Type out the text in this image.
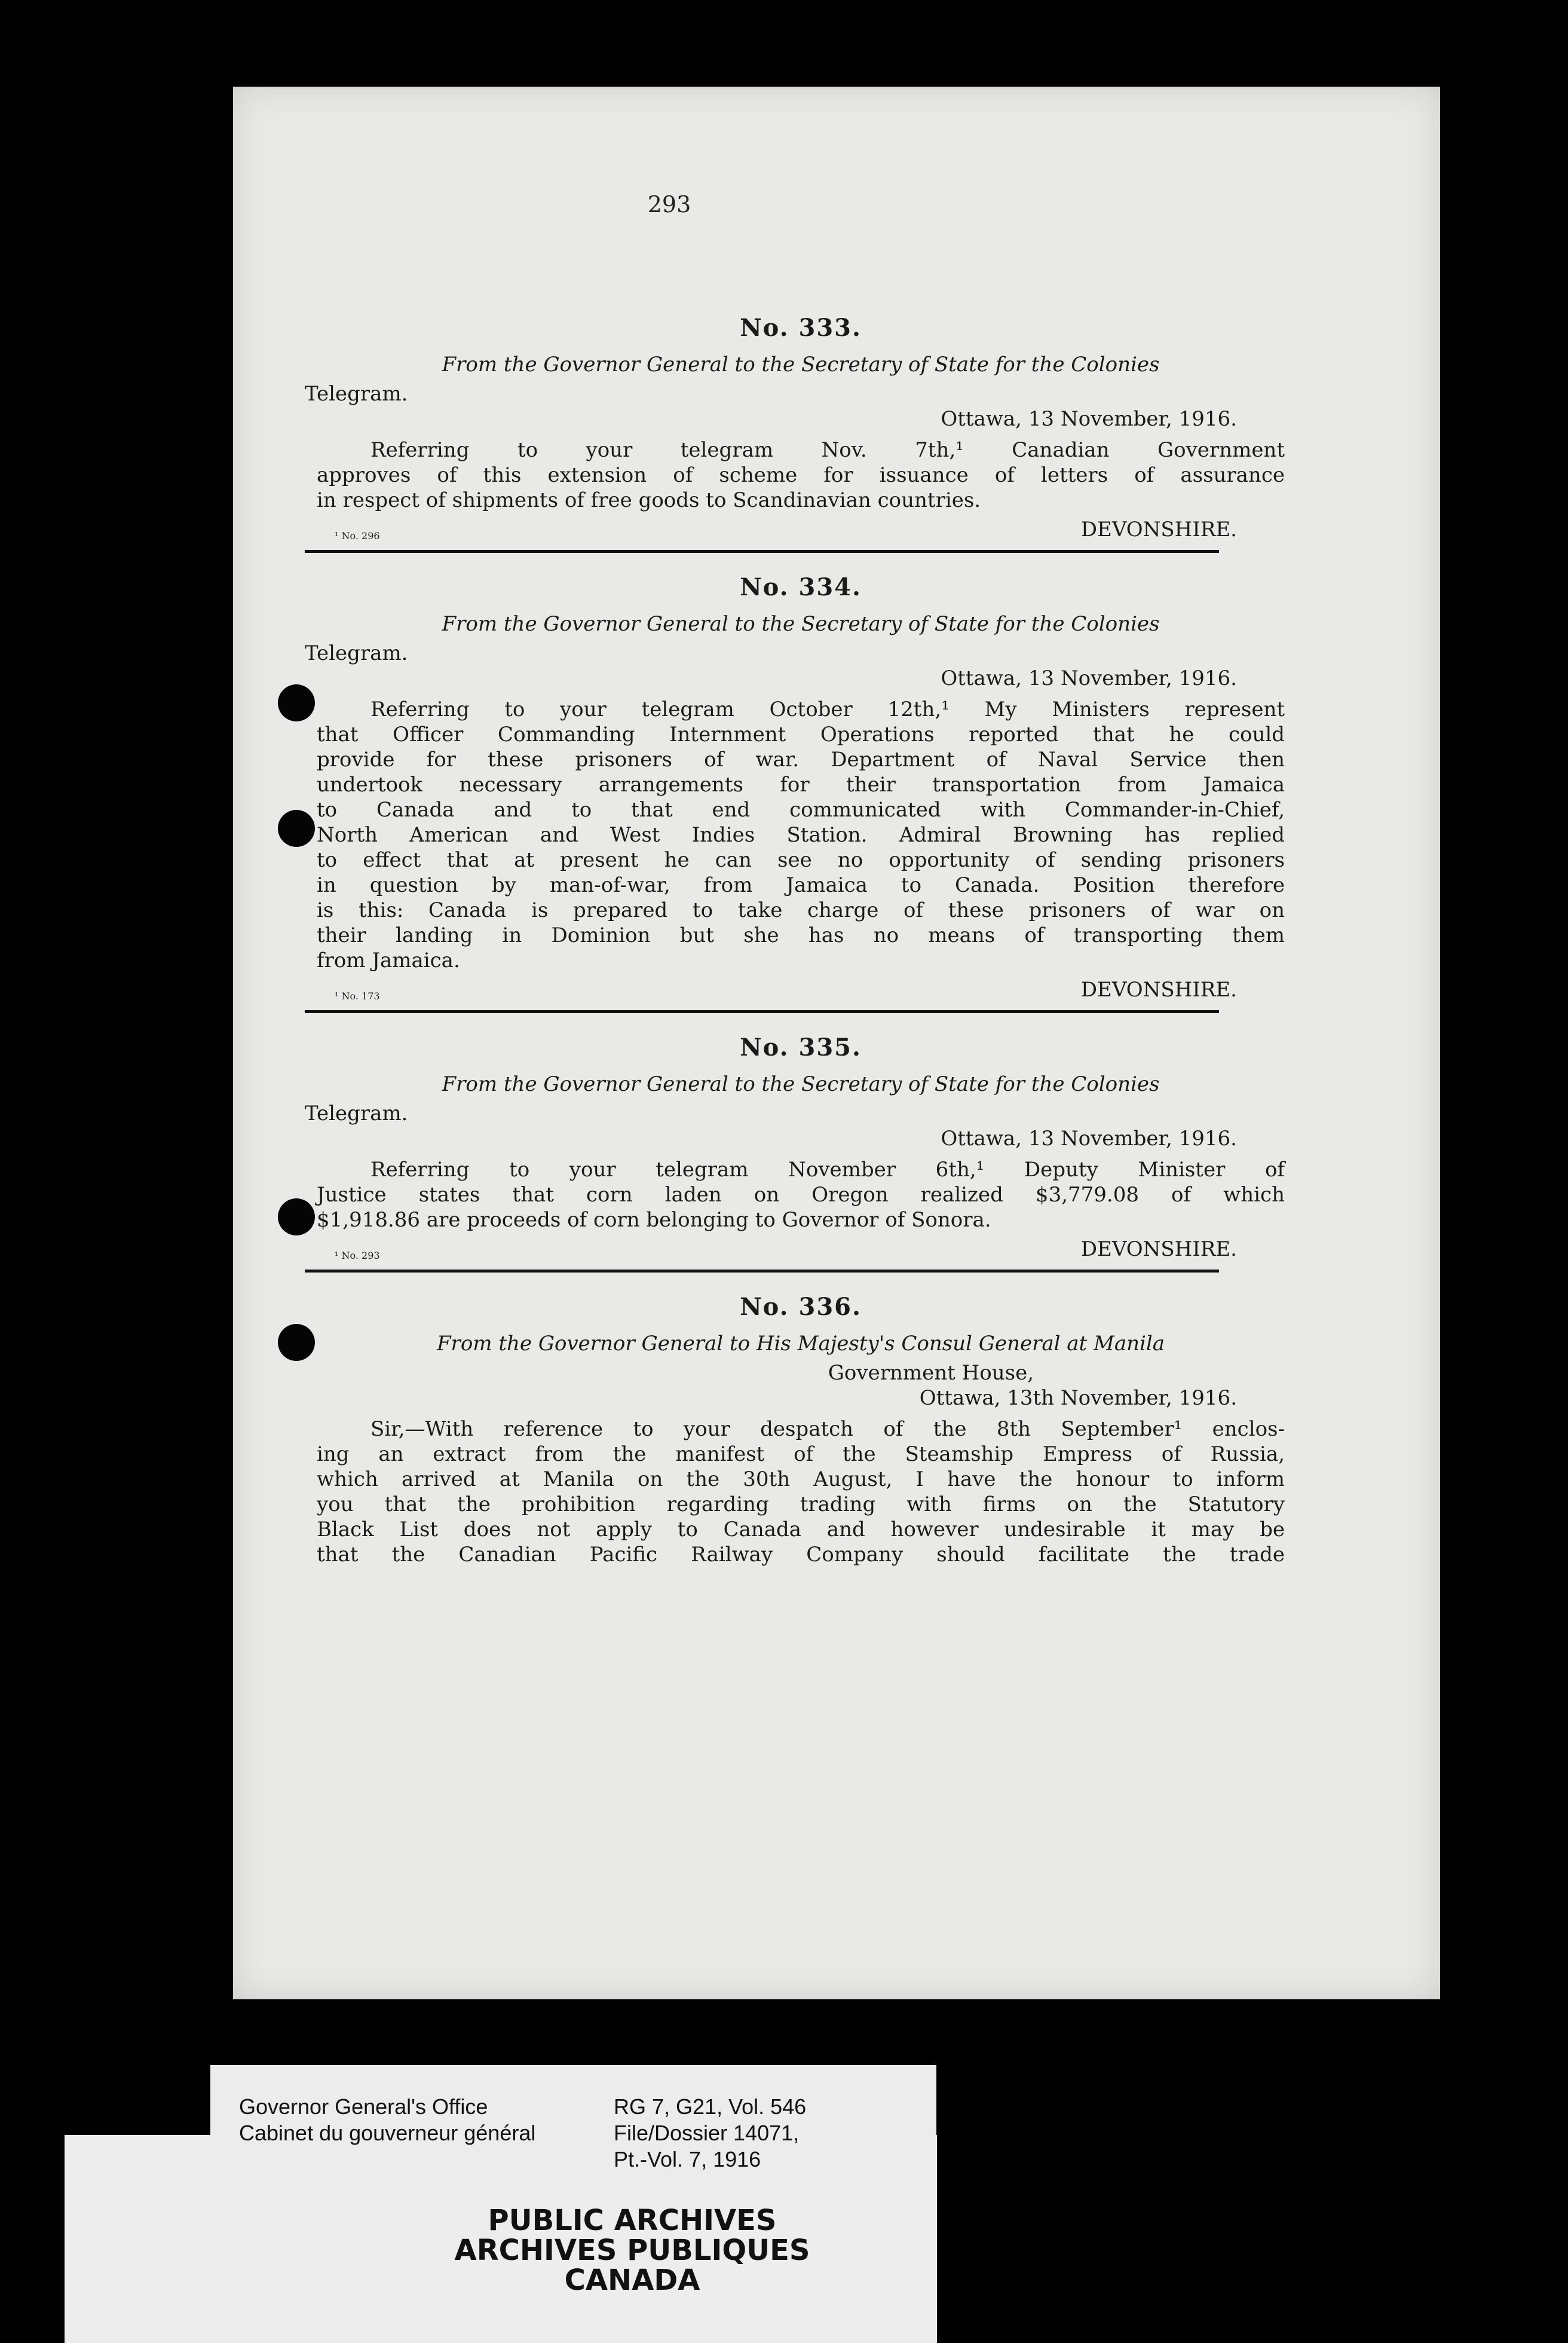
293

No. 333.

From the Governor General to the Secretary of State for the Colonies

Telegram.

Ottawa, 13 November, 1916.

Referring to your telegram Nov. 7th,¹ Canadian Government

approves of this extension of scheme for issuance of letters of assurance

in respect of shipments of free goods to Scandinavian countries.

¹ No. 296	DEVONSHIRE.

No. 334.

From the Governor General to the Secretary of State for the Colonies

Telegram.

Ottawa, 13 November, 1916.

Referring to your telegram October 12th,¹ My Ministers represent

that Officer Commanding Internment Operations reported that he could

provide for these prisoners of war. Department of Naval Service then

undertook necessary arrangements for their transportation from Jamaica

to Canada and to that end communicated with Commander-in-Chief,

North American and West Indies Station. Admiral Browning has replied

to effect that at present he can see no opportunity of sending prisoners

in question by man-of-war, from Jamaica to Canada. Position therefore

is this: Canada is prepared to take charge of these prisoners of war on

their landing in Dominion but she has no means of transporting them

from Jamaica.

¹ No. 173	DEVONSHIRE.

No. 335.

From the Governor General to the Secretary of State for the Colonies

Telegram.

Ottawa, 13 November, 1916.

Referring to your telegram November 6th,¹ Deputy Minister of

Justice states that corn laden on Oregon realized $3,779.08 of which

$1,918.86 are proceeds of corn belonging to Governor of Sonora.

¹ No. 293	DEVONSHIRE.

No. 336.

From the Governor General to His Majesty's Consul General at Manila

Government House,

Ottawa, 13th November, 1916.

Sir,—With reference to your despatch of the 8th September¹ enclos-

ing an extract from the manifest of the Steamship Empress of Russia,

which arrived at Manila on the 30th August, I have the honour to inform

you that the prohibition regarding trading with firms on the Statutory

Black List does not apply to Canada and however undesirable it may be

that the Canadian Pacific Railway Company should facilitate the trade

Governor General's Office
Cabinet du gouverneur général
RG 7, G21, Vol. 546
File/Dossier 14071,
Pt.-Vol. 7, 1916
PUBLIC ARCHIVES
ARCHIVES PUBLIQUES
CANADA
